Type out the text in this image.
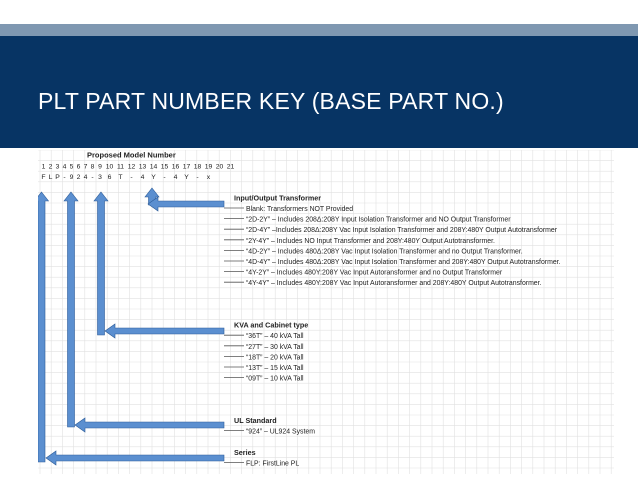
PLT PART NUMBER KEY (BASE PART NO.)
Proposed Model Number
1 2 3 4 5 6 7 8 9 10 11 12 13 14 15 16 17 18 19 20 21
F L P - 9 2 4 - 3 6 T - 4 Y - 4 Y - x
Input/Output Transformer
Blank: Transformers NOT Provided
“2D-2Y” – Includes 208Δ:208Y Input Isolation Transformer and NO Output Transformer
“2D-4Y” –Includes 208Δ:208Y Vac Input Isolation Transformer and 208Y:480Y Output Autotransformer
“2Y-4Y” – Includes NO Input Transformer and 208Y:480Y Output Autotransformer.
“4D-2Y” – Includes 480Δ:208Y Vac Input Isolation Transformer and no Output Transformer.
“4D-4Y” – Includes 480Δ:208Y Vac Input Isolation Transformer and 208Y:480Y Output Autotransformer.
“4Y-2Y” – Includes 480Y:208Y Vac Input Autoransformer and no Output Transformer
“4Y-4Y” – Includes 480Y:208Y Vac Input Autoransformer and 208Y:480Y Output Autotransformer.
KVA and Cabinet type
“36T” – 40 kVA Tall
“27T” – 30 kVA Tall
“18T” – 20 kVA Tall
“13T” – 15 kVA Tall
“09T” – 10 kVA Tall
UL Standard
“924” – UL924 System
Series
FLP: FirstLine PL
